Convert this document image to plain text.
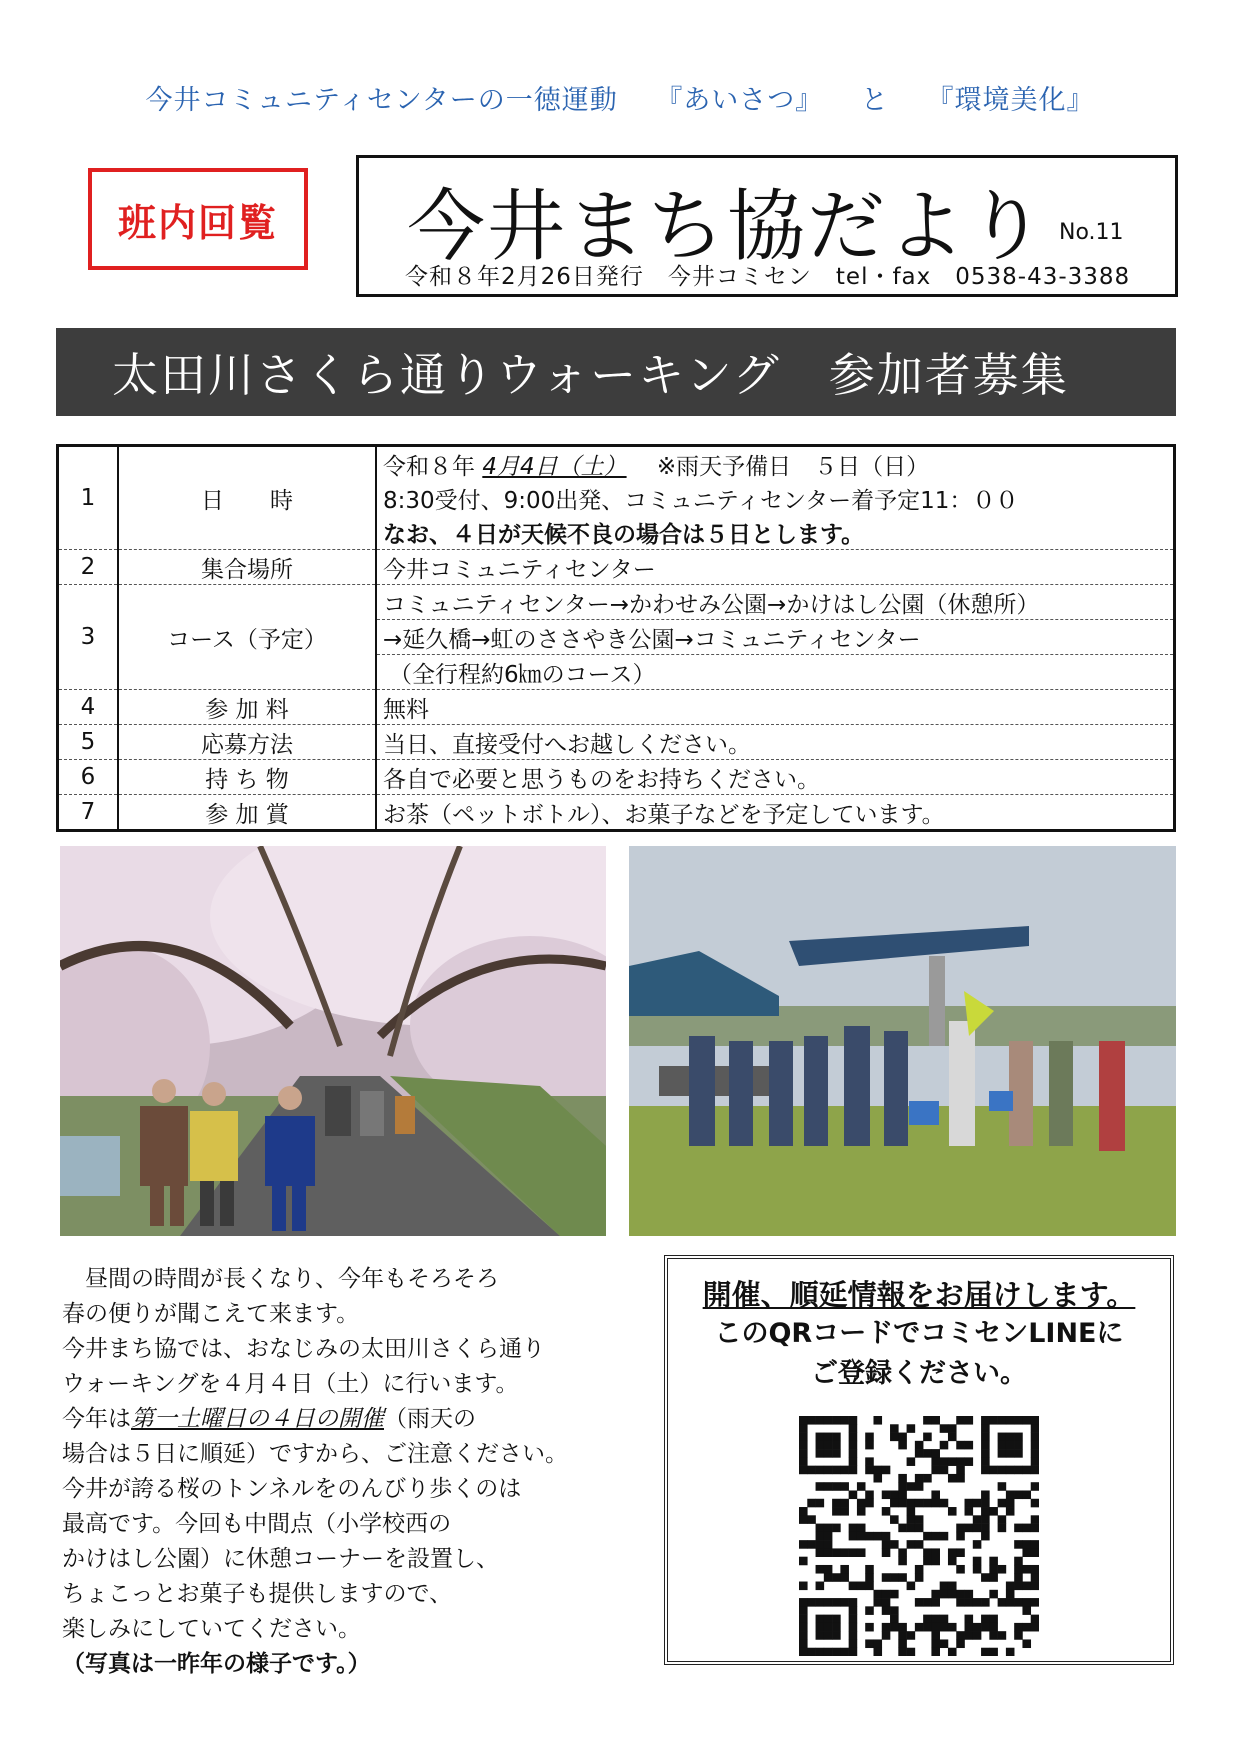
今井コミュニティセンターの一徳運動 『あいさつ』 と 『環境美化』
班内回覧 今井まち協だより No.11
令和８年2月26日発行　今井コミセン　tel・fax　0538-43-3388
太田川さくら通りウォーキング　参加者募集
1	日　　時	令和８年 4月4日（土） 　※雨天予備日　５日（日）
		8:30受付、9:00出発、コミュニティセンター着予定11：００
		なお、４日が天候不良の場合は５日とします。
2	集合場所	今井コミュニティセンター
3	コース（予定）	コミュニティセンター→かわせみ公園→かけはし公園（休憩所）
		→延久橋→虹のささやき公園→コミュニティセンター
		（全行程約6㎞のコース）
4	参 加 料	無料
5	応募方法	当日、直接受付へお越しください。
6	持 ち 物	各自で必要と思うものをお持ちください。
7	参 加 賞	お茶（ペットボトル）、お菓子などを予定しています。

　昼間の時間が長くなり、今年もそろそろ

春の便りが聞こえて来ます。

今井まち協では、おなじみの太田川さくら通り

ウォーキングを４月４日（土）に行います。

今年は第一土曜日の４日の開催（雨天の

場合は５日に順延）ですから、ご注意ください。

今井が誇る桜のトンネルをのんびり歩くのは

最高です。今回も中間点（小学校西の

かけはし公園）に休憩コーナーを設置し、

ちょこっとお菓子も提供しますので、

楽しみにしていてください。

（写真は一昨年の様子です。）

開催、順延情報をお届けします。
このQRコードでコミセンLINEに
ご登録ください。
